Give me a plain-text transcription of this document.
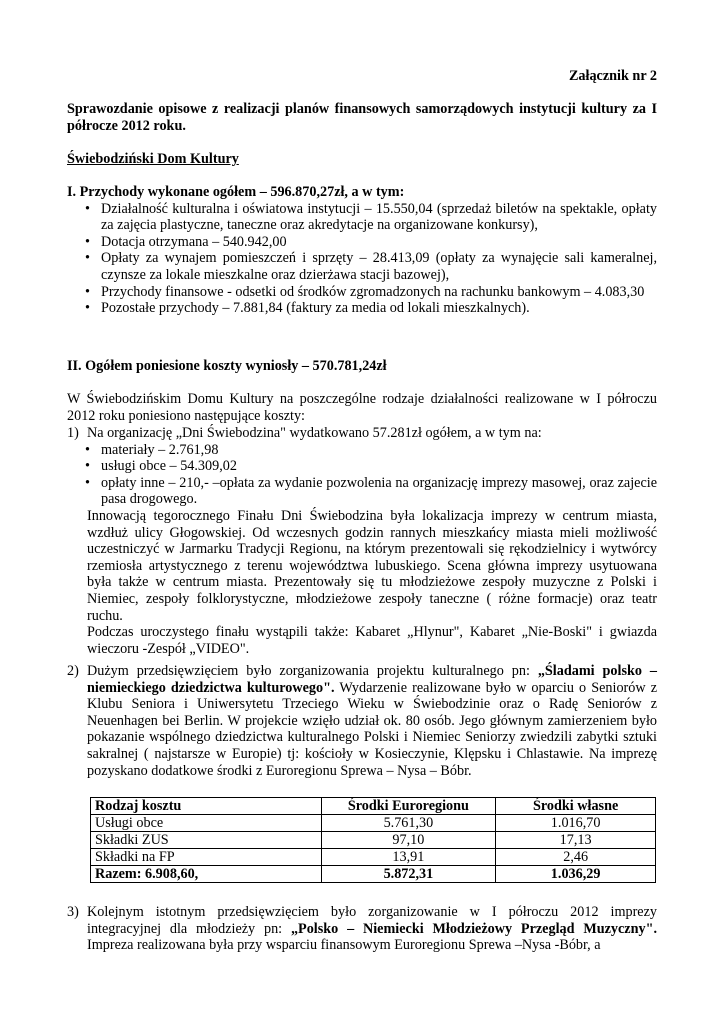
Załącznik nr 2
Sprawozdanie opisowe z realizacji planów finansowych samorządowych instytucji kultury za I półrocze 2012 roku.
Świebodziński Dom Kultury
I. Przychody wykonane ogółem – 596.870,27zł, a w tym:
• Działalność kulturalna i oświatowa instytucji – 15.550,04 (sprzedaż biletów na spektakle, opłaty za zajęcia plastyczne, taneczne oraz akredytacje na organizowane konkursy),
• Dotacja otrzymana – 540.942,00
• Opłaty za wynajem pomieszczeń i sprzęty – 28.413,09 (opłaty za wynajęcie sali kameralnej, czynsze za lokale mieszkalne oraz dzierżawa stacji bazowej),
• Przychody finansowe - odsetki od środków zgromadzonych na rachunku bankowym – 4.083,30
• Pozostałe przychody – 7.881,84 (faktury za media od lokali mieszkalnych).
II. Ogółem poniesione koszty wyniosły – 570.781,24zł
W Świebodzińskim Domu Kultury na poszczególne rodzaje działalności realizowane w I półroczu 2012 roku poniesiono następujące koszty:
1) Na organizację „Dni Świebodzina" wydatkowano 57.281zł ogółem, a w tym na:
• materiały – 2.761,98
• usługi obce – 54.309,02
• opłaty inne – 210,- –opłata za wydanie pozwolenia na organizację imprezy masowej, oraz zajecie pasa drogowego.
Innowacją tegorocznego Finału Dni Świebodzina była lokalizacja imprezy w centrum miasta, wzdłuż ulicy Głogowskiej. Od wczesnych godzin rannych mieszkańcy miasta mieli możliwość uczestniczyć w Jarmarku Tradycji Regionu, na którym prezentowali się rękodzielnicy i wytwórcy rzemiosła artystycznego z terenu województwa lubuskiego. Scena główna imprezy usytuowana była także w centrum miasta. Prezentowały się tu młodzieżowe zespoły muzyczne z Polski i Niemiec, zespoły folklorystyczne, młodzieżowe zespoły taneczne ( różne formacje) oraz teatr ruchu.
Podczas uroczystego finału wystąpili także: Kabaret „Hlynur", Kabaret „Nie-Boski" i gwiazda wieczoru -Zespół „VIDEO".
2) Dużym przedsięwzięciem było zorganizowania projektu kulturalnego pn: „Śladami polsko – niemieckiego dziedzictwa kulturowego". Wydarzenie realizowane było w oparciu o Seniorów z Klubu Seniora i Uniwersytetu Trzeciego Wieku w Świebodzinie oraz o Radę Seniorów z Neuenhagen bei Berlin. W projekcie wzięło udział ok. 80 osób. Jego głównym zamierzeniem było pokazanie wspólnego dziedzictwa kulturalnego Polski i Niemiec Seniorzy zwiedzili zabytki sztuki sakralnej ( najstarsze w Europie) tj: kościoły w Kosieczynie, Klępsku i Chlastawie. Na imprezę pozyskano dodatkowe środki z Euroregionu Sprewa – Nysa – Bóbr.
Rodzaj kosztu	Środki Euroregionu	Środki własne
Usługi obce	5.761,30	1.016,70
Składki ZUS	97,10	17,13
Składki na FP	13,91	2,46
Razem: 6.908,60,	5.872,31	1.036,29
3) Kolejnym istotnym przedsięwzięciem było zorganizowanie w I półroczu 2012 imprezy integracyjnej dla młodzieży pn: „Polsko – Niemiecki Młodzieżowy Przegląd Muzyczny". Impreza realizowana była przy wsparciu finansowym Euroregionu Sprewa –Nysa -Bóbr, a
